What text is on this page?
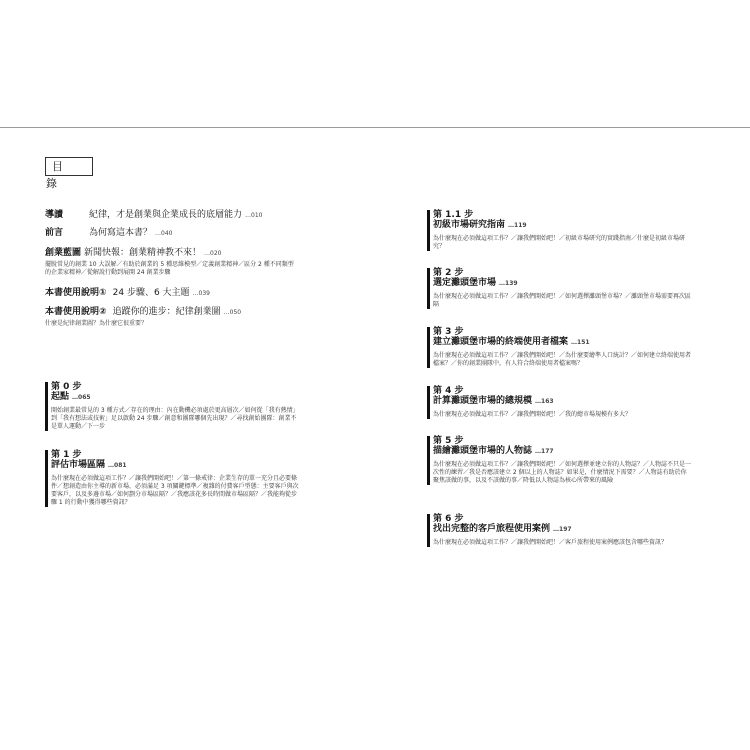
目 錄
導讀	紀律，才是創業與企業成長的底層能力 …010
前言	為何寫這本書？ …040
創業藍圖 新聞快報：創業精神教不來！ …020
擺脫常見的創業 10 大誤解／有助於創業的 5 種思維模型／定義創業精神／區分 2 種不同類型的企業家精神／從解說行動到展開 24 創業步驟
本書使用說明① 24 步驟、6 大主題 …039
本書使用說明② 追蹤你的進步：紀律創業圖 …050
什麼是紀律創業圖？為什麼它很重要？
第 0 步
起點 …065
開始創業最常見的 3 種方式／存在的理由：內在動機必須處於更高層次／如何從「我有熱情」到「我有想法或技術」足以啟動 24 步驟／創意和團隊哪個先出現？／尋找創始團隊：創業不是單人運動／下一步
第 1 步
評估市場區隔 …081
為什麼現在必須做這項工作？／讓我們開始吧！／第一條戒律：企業生存的單一充分且必要條件／想創造由你主導的新市場，必須滿足 3 項關鍵標準／複雜的付費客戶型態：主要客戶與次要客戶，以及多邊市場／如何劃分市場區隔？／我應該花多長時間做市場區隔？／我能夠從步驟 1 的行動中獲得哪些資訊？
第 1.1 步
初級市場研究指南 …119
為什麼現在必須做這項工作？／讓我們開始吧！／初級市場研究的實踐指南／什麼是初級市場研究？
第 2 步
選定灘頭堡市場 …139
為什麼現在必須做這項工作？／讓我們開始吧！／如何選擇灘頭堡市場？／灘頭堡市場需要再次區隔
第 3 步
建立灘頭堡市場的終端使用者檔案 …151
為什麼現在必須做這項工作？／讓我們開始吧！／為什麼要繪準人口統計？／如何建立終端使用者檔案？／你的創業團隊中，有人符合終端使用者檔案嗎？
第 4 步
計算灘頭堡市場的總規模 …163
為什麼現在必須做這項工作？／讓我們開始吧！／我的總市場規模有多大？
第 5 步
描繪灘頭堡市場的人物誌 …177
為什麼現在必須做這項工作？／讓我們開始吧！／如何選擇並建立你的人物誌？／人物誌不只是一次性的練習／我是否應該建立 2 個以上的人物誌？如果是，什麼情況下需要？／人物誌有助於你聚焦該做的事，以及不該做的事／降低以人物誌為核心所帶來的風險
第 6 步
找出完整的客戶旅程使用案例 …197
為什麼現在必須做這項工作？／讓我們開始吧！／客戶旅程使用案例應該包含哪些資訊？
